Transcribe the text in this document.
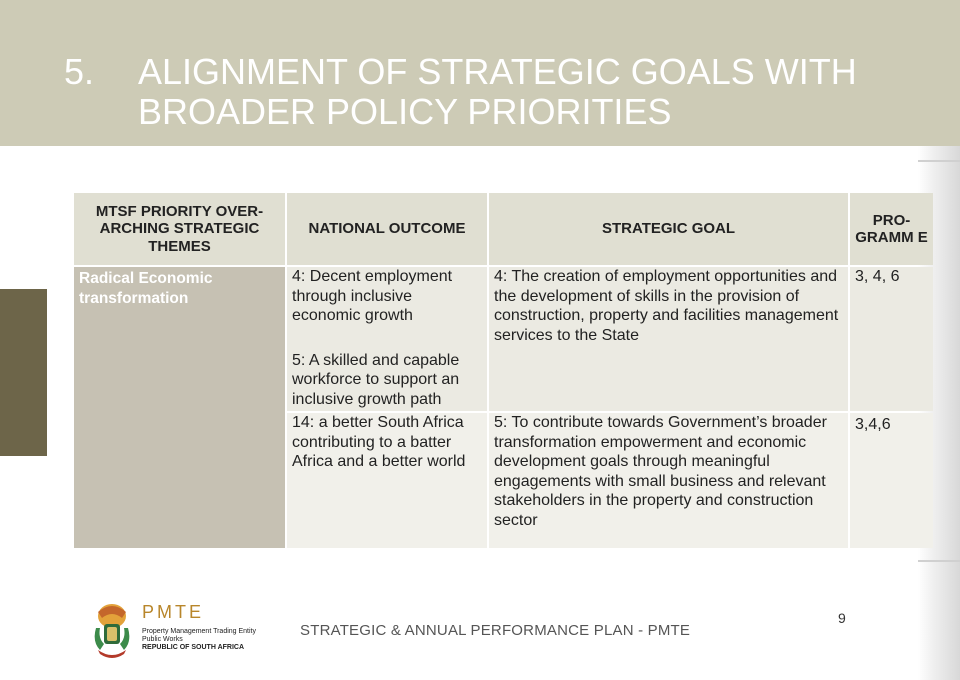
5. ALIGNMENT OF STRATEGIC GOALS WITH
BROADER POLICY PRIORITIES
MTSF PRIORITY OVER-ARCHING STRATEGIC THEMES
NATIONAL OUTCOME	STRATEGIC GOAL
PRO-GRAMM E
Radical Economic transformation
4: Decent employment through inclusive economic growth
5: A skilled and capable workforce to support an inclusive growth path
14: a better South Africa contributing to a batter Africa and a better world
4: The creation of employment opportunities and the development of skills in the provision of construction, property and facilities management services to the State
5: To contribute towards Government’s broader transformation empowerment and economic development goals through meaningful engagements with small business and relevant stakeholders in the property and construction sector
3, 4, 6
3,4,6
PMTE
Property Management Trading Entity
Public Works
REPUBLIC OF SOUTH AFRICA
STRATEGIC & ANNUAL PERFORMANCE PLAN - PMTE
9
